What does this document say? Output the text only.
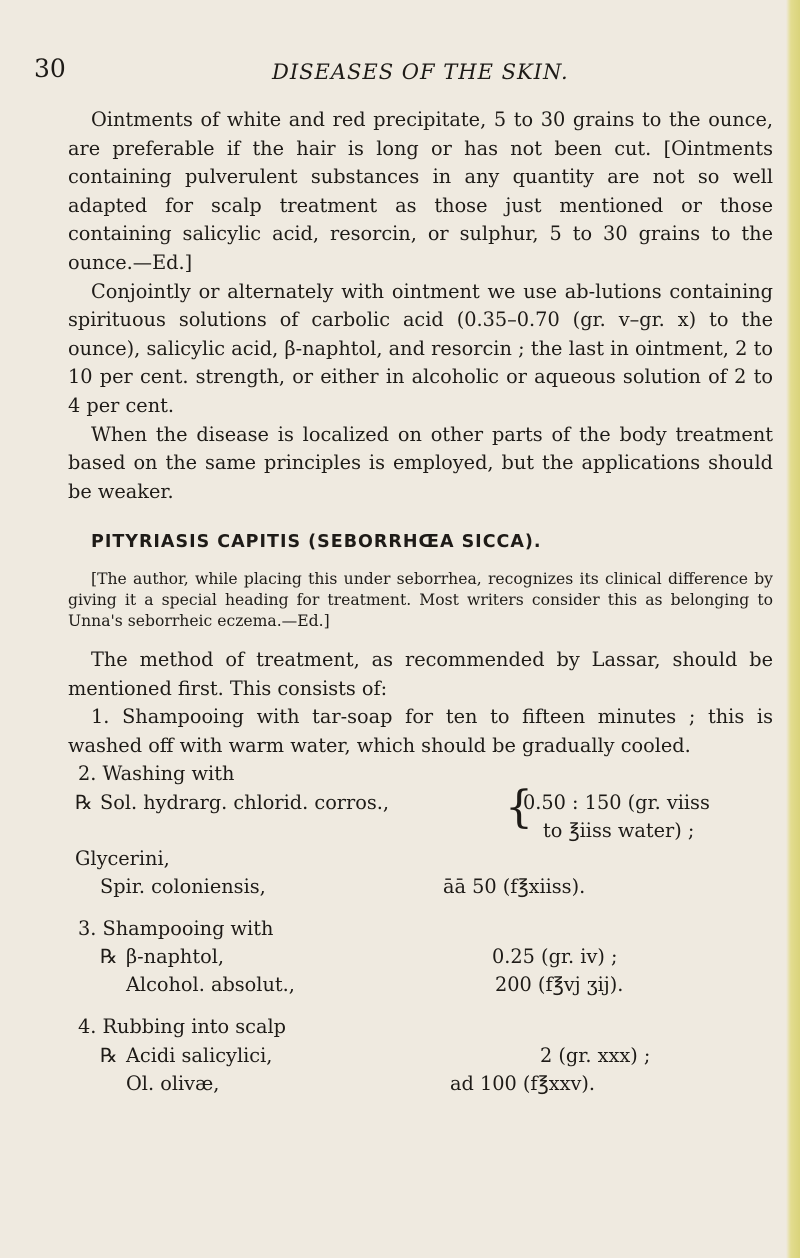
30	DISEASES OF THE SKIN.

Ointments of white and red precipitate, 5 to 30 grains to the ounce, are preferable if the hair is long or has not been cut. [Ointments containing pulverulent substances in any quantity are not so well adapted for scalp treatment as those just mentioned or those containing salicylic acid, resorcin, or sulphur, 5 to 30 grains to the ounce.—Ed.]

Conjointly or alternately with ointment we use ab-lutions containing spirituous solutions of carbolic acid (0.35–0.70 (gr. v–gr. x) to the ounce), salicylic acid, β-naphtol, and resorcin ; the last in ointment, 2 to 10 per cent. strength, or either in alcoholic or aqueous solution of 2 to 4 per cent.

When the disease is localized on other parts of the body treatment based on the same principles is employed, but the applications should be weaker.

PITYRIASIS CAPITIS (SEBORRHŒA SICCA).
[The author, while placing this under seborrhea, recognizes its clinical difference by giving it a special heading for treatment. Most writers consider this as belonging to Unna's seborrheic eczema.—Ed.]

The method of treatment, as recommended by Lassar, should be mentioned first. This consists of:

1. Shampooing with tar-soap for ten to fifteen minutes ; this is washed off with warm water, which should be gradually cooled.

2. Washing with

℞ Sol. hydrarg. chlorid. corros.,	{
0.50 : 150 (gr. viiss
to ℥iiss water) ;
Glycerini,
Spir. coloniensis,	āā 50 (f℥xiiss).

3. Shampooing with

℞ β-naphtol,	0.25 (gr. iv) ;
Alcohol. absolut.,	200 (f℥vj ʒij).

4. Rubbing into scalp

℞ Acidi salicylici,	2 (gr. xxx) ;
Ol. olivæ,	ad 100 (f℥xxv).
